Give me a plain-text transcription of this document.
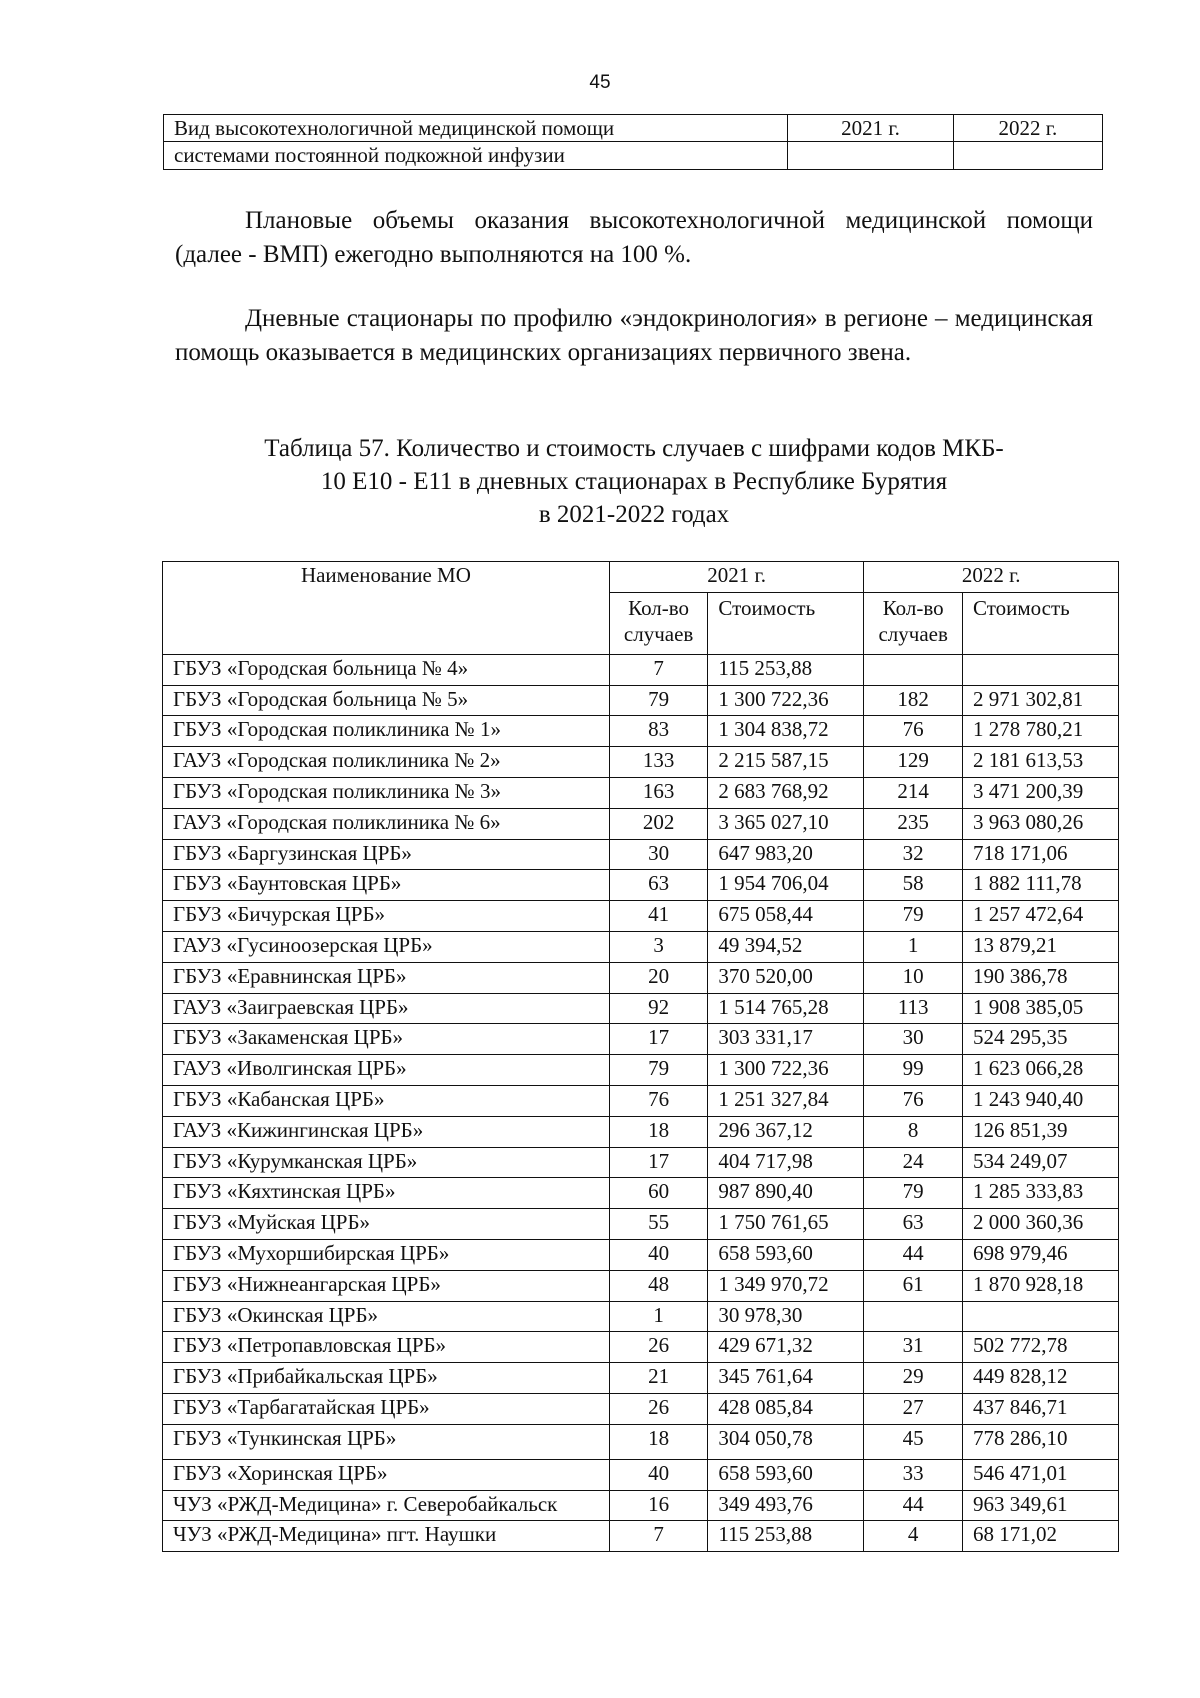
45
Вид высокотехнологичной медицинской помощи	2021 г.	2022 г.
системами постоянной подкожной инфузии		

Плановые объемы оказания высокотехнологичной медицинской помощи (далее - ВМП) ежегодно выполняются на 100 %.

Дневные стационары по профилю «эндокринология» в регионе – медицинская помощь оказывается в медицинских организациях первичного звена.

Таблица 57. Количество и стоимость случаев с шифрами кодов МКБ-
10 Е10 - Е11 в дневных стационарах в Республике Бурятия
в 2021-2022 годах
Наименование МО	2021 г.		2022 г.	
	Кол-во случаев	Стоимость	Кол-во случаев	Стоимость
ГБУЗ «Городская больница № 4»	7	115 253,88		
ГБУЗ «Городская больница № 5»	79	1 300 722,36	182	2 971 302,81
ГБУЗ «Городская поликлиника № 1»	83	1 304 838,72	76	1 278 780,21
ГАУЗ «Городская поликлиника № 2»	133	2 215 587,15	129	2 181 613,53
ГБУЗ «Городская поликлиника № 3»	163	2 683 768,92	214	3 471 200,39
ГАУЗ «Городская поликлиника № 6»	202	3 365 027,10	235	3 963 080,26
ГБУЗ «Баргузинская ЦРБ»	30	647 983,20	32	718 171,06
ГБУЗ «Баунтовская ЦРБ»	63	1 954 706,04	58	1 882 111,78
ГБУЗ «Бичурская ЦРБ»	41	675 058,44	79	1 257 472,64
ГАУЗ «Гусиноозерская ЦРБ»	3	49 394,52	1	13 879,21
ГБУЗ «Еравнинская ЦРБ»	20	370 520,00	10	190 386,78
ГАУЗ «Заиграевская ЦРБ»	92	1 514 765,28	113	1 908 385,05
ГБУЗ «Закаменская ЦРБ»	17	303 331,17	30	524 295,35
ГАУЗ «Иволгинская ЦРБ»	79	1 300 722,36	99	1 623 066,28
ГБУЗ «Кабанская ЦРБ»	76	1 251 327,84	76	1 243 940,40
ГАУЗ «Кижингинская ЦРБ»	18	296 367,12	8	126 851,39
ГБУЗ «Курумканская ЦРБ»	17	404 717,98	24	534 249,07
ГБУЗ «Кяхтинская ЦРБ»	60	987 890,40	79	1 285 333,83
ГБУЗ «Муйская ЦРБ»	55	1 750 761,65	63	2 000 360,36
ГБУЗ «Мухоршибирская ЦРБ»	40	658 593,60	44	698 979,46
ГБУЗ «Нижнеангарская ЦРБ»	48	1 349 970,72	61	1 870 928,18
ГБУЗ «Окинская ЦРБ»	1	30 978,30		
ГБУЗ «Петропавловская ЦРБ»	26	429 671,32	31	502 772,78
ГБУЗ «Прибайкальская ЦРБ»	21	345 761,64	29	449 828,12
ГБУЗ «Тарбагатайская ЦРБ»	26	428 085,84	27	437 846,71
ГБУЗ «Тункинская ЦРБ»	18	304 050,78	45	778 286,10
ГБУЗ «Хоринская ЦРБ»	40	658 593,60	33	546 471,01
ЧУЗ «РЖД-Медицина» г. Северобайкальск	16	349 493,76	44	963 349,61
ЧУЗ «РЖД-Медицина» пгт. Наушки	7	115 253,88	4	68 171,02
